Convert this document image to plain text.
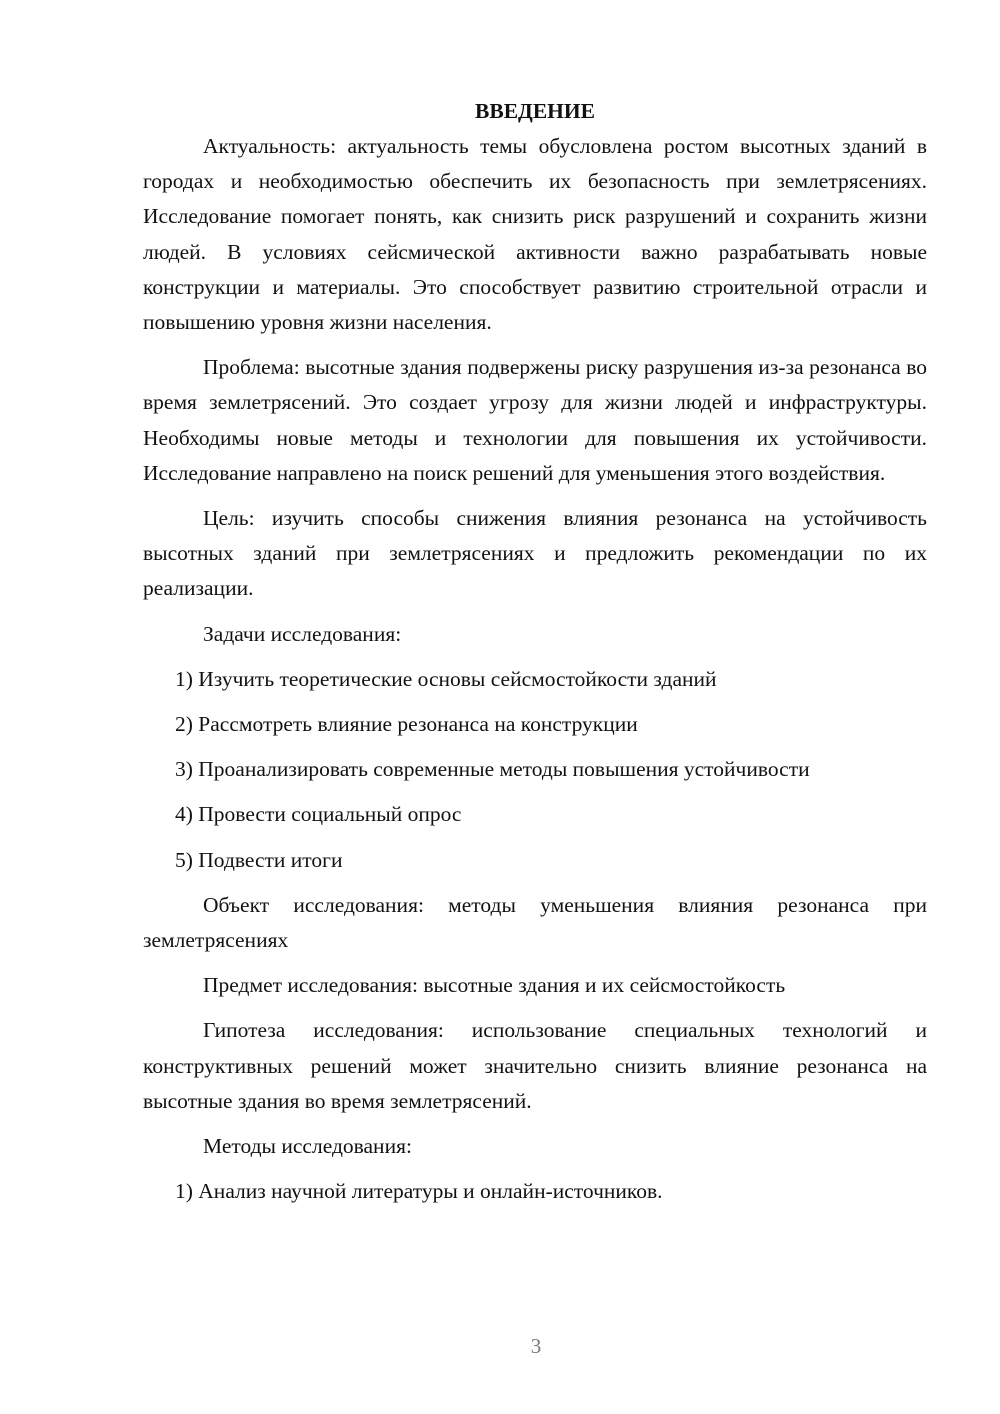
ВВЕДЕНИЕ

Актуальность: актуальность темы обусловлена ростом высотных зданий в городах и необходимостью обеспечить их безопасность при землетрясениях. Исследование помогает понять, как снизить риск разрушений и сохранить жизни людей. В условиях сейсмической активности важно разрабатывать новые конструкции и материалы. Это способствует развитию строительной отрасли и повышению уровня жизни населения.

Проблема: высотные здания подвержены риску разрушения из-за резонанса во время землетрясений. Это создает угрозу для жизни людей и инфраструктуры. Необходимы новые методы и технологии для повышения их устойчивости. Исследование направлено на поиск решений для уменьшения этого воздействия.

Цель: изучить способы снижения влияния резонанса на устойчивость высотных зданий при землетрясениях и предложить рекомендации по их реализации.

Задачи исследования:

1) Изучить теоретические основы сейсмостойкости зданий
2) Рассмотреть влияние резонанса на конструкции
3) Проанализировать современные методы повышения устойчивости
4) Провести социальный опрос
5) Подвести итоги

Объект исследования: методы уменьшения влияния резонанса при землетрясениях

Предмет исследования: высотные здания и их сейсмостойкость

Гипотеза исследования: использование специальных технологий и конструктивных решений может значительно снизить влияние резонанса на высотные здания во время землетрясений.

Методы исследования:

1) Анализ научной литературы и онлайн-источников.
3
